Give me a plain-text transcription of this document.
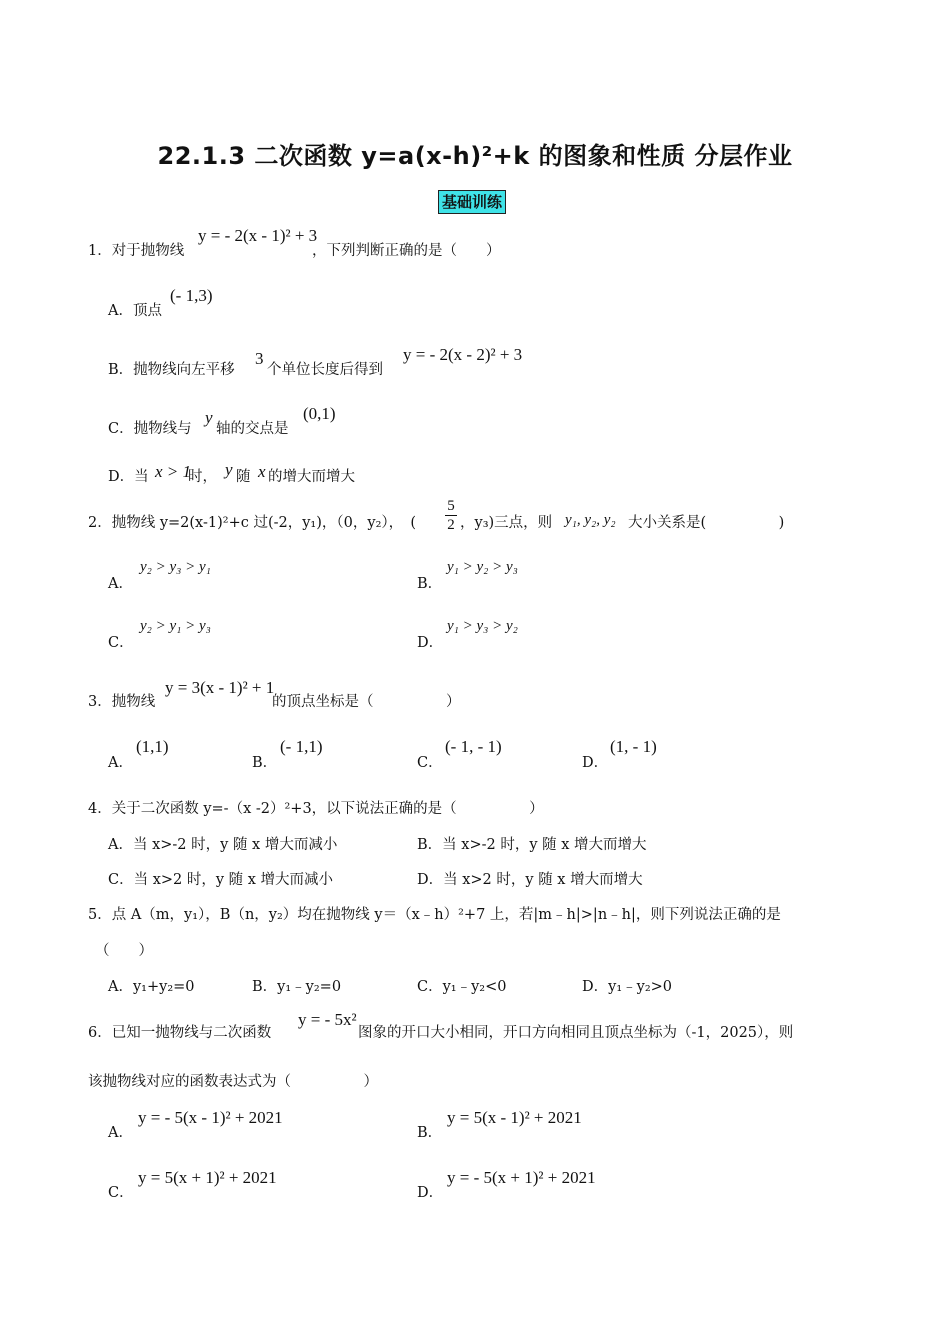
22.1.3 二次函数 y=a(x-h)²+k 的图象和性质 分层作业
基础训练
1．对于抛物线
y = - 2(x - 1)² + 3
，下列判断正确的是（　　）
A．顶点
(- 1,3)
B．抛物线向左平移
3
个单位长度后得到
y = - 2(x - 2)² + 3
C．抛物线与
y
轴的交点是
(0,1)
D．当 x > 1
时， y 随 x 的增大而增大
2．抛物线 y=2(x-1)²+c 过(-2，y₁)，（0，y₂），　(
5
2 ，y₃)三点，则 y₁, y₂, y₂ 大小关系是(　　　　　)
A．
y₂ > y₃ > y₁
B．
y₁ > y₂ > y₃
C．
y₂ > y₁ > y₃
D．
y₁ > y₃ > y₂
3．抛物线
y = 3(x - 1)² + 1
的顶点坐标是（　　　　　）
A．
(1,1)
B．
(- 1,1)
C．
(- 1, - 1)
D．
(1, - 1)
4．关于二次函数 y=-（x -2）²+3，以下说法正确的是（　　　　　）
A．当 x>-2 时，y 随 x 增大而减小	B．当 x>-2 时，y 随 x 增大而增大
C．当 x>2 时，y 随 x 增大而减小	D．当 x>2 时，y 随 x 增大而增大
5．点 A（m，y₁），B（n，y₂）均在抛物线 y＝（x﹣h）²+7 上，若|m﹣h|>|n﹣h|，则下列说法正确的是
（　　）
A．y₁+y₂=0	B．y₁﹣y₂=0	C．y₁﹣y₂<0	D．y₁﹣y₂>0
6．已知一抛物线与二次函数
y = - 5x²
图象的开口大小相同，开口方向相同且顶点坐标为（-1，2025），则
该抛物线对应的函数表达式为（　　　　　）
A．
y = - 5(x - 1)² + 2021
B．
y = 5(x - 1)² + 2021
C．
y = 5(x + 1)² + 2021
D．
y = - 5(x + 1)² + 2021
